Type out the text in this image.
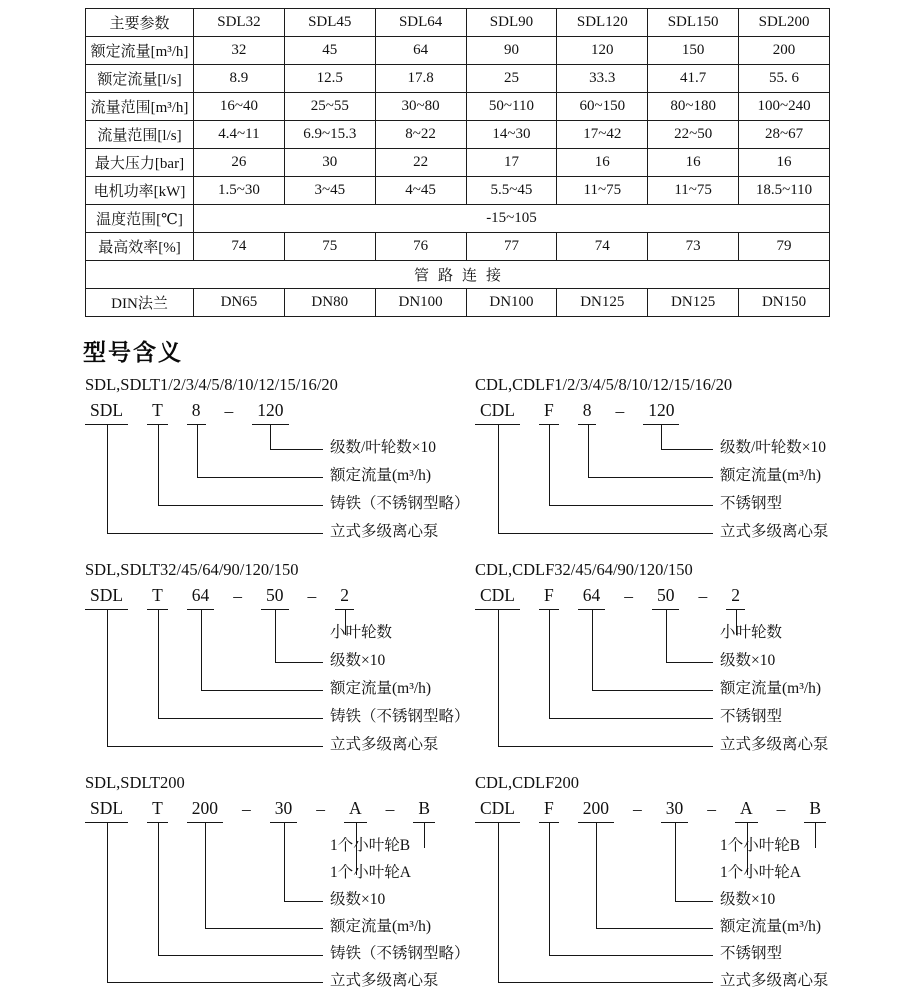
主要参数	SDL32	SDL45	SDL64	SDL90	SDL120	SDL150	SDL200
额定流量[m³/h]	32	45	64	90	120	150	200
额定流量[l/s]	8.9	12.5	17.8	25	33.3	41.7	55. 6
流量范围[m³/h]	16~40	25~55	30~80	50~110	60~150	80~180	100~240
流量范围[l/s]	4.4~11	6.9~15.3	8~22	14~30	17~42	22~50	28~67
最大压力[bar]	26	30	22	17	16	16	16
电机功率[kW]	1.5~30	3~45	4~45	5.5~45	11~75	11~75	18.5~110
温度范围[℃]	-15~105						
最高效率[%]	74	75	76	77	74	73	79
管路连接							
DIN法兰	DN65	DN80	DN100	DN100	DN125	DN125	DN150
型号含义
SDL,SDLT1/2/3/4/5/8/10/12/15/16/20
SDL T 8 – 120
级数/叶轮数×10
额定流量(m³/h)
铸铁（不锈钢型略）
立式多级离心泵
CDL,CDLF1/2/3/4/5/8/10/12/15/16/20
CDL F 8 – 120
级数/叶轮数×10
额定流量(m³/h)
不锈钢型
立式多级离心泵
SDL,SDLT32/45/64/90/120/150
SDL T 64 – 50 – 2
小叶轮数
级数×10
额定流量(m³/h)
铸铁（不锈钢型略）
立式多级离心泵
CDL,CDLF32/45/64/90/120/150
CDL F 64 – 50 – 2
小叶轮数
级数×10
额定流量(m³/h)
不锈钢型
立式多级离心泵
SDL,SDLT200
SDL T 200 – 30 – A – B
1个小叶轮B
1个小叶轮A
级数×10
额定流量(m³/h)
铸铁（不锈钢型略）
立式多级离心泵
CDL,CDLF200
CDL F 200 – 30 – A – B
1个小叶轮B
1个小叶轮A
级数×10
额定流量(m³/h)
不锈钢型
立式多级离心泵
